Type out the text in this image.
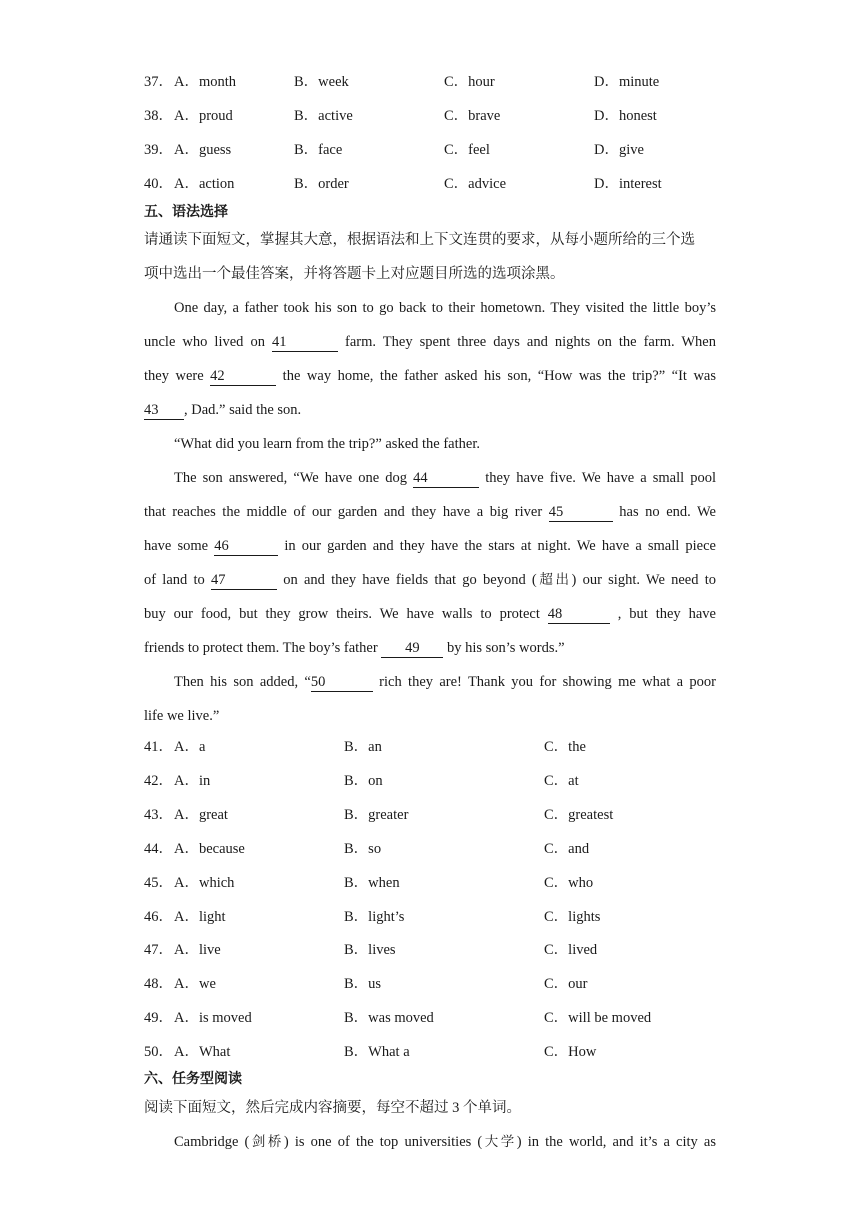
37． A．month	B．week	C．hour	D．minute
38． A．proud	B．active	C．brave	D．honest
39． A．guess	B．face	C．feel	D．give
40． A．action	B．order	C．advice	D．interest
五、语法选择
请通读下面短文，掌握其大意，根据语法和上下文连贯的要求，从每小题所给的三个选
项中选出一个最佳答案，并将答题卡上对应题目所选的选项涂黑。
One day, a father took his son to go back to their hometown. They visited the little boy’s
uncle who lived on 41	farm. They spent three days and nights on the farm. When
they were 42	the way home, the father asked his son, “How was the trip?” “It was
43 , Dad.” said the son.
“What did you learn from the trip?” asked the father.
The son answered, “We have one dog 44	they have five. We have a small pool
that reaches the middle of our garden and they have a big river 45	has no end. We
have some 46	in our garden and they have the stars at night. We have a small piece
of land to 47	on and they have fields that go beyond (超出) our sight. We need to
buy our food, but they grow theirs. We have walls to protect 48	, but they have
friends to protect them. The boy’s father 49 by his son’s words.”
Then his son added, “50	rich they are! Thank you for showing me what a poor
life we live.”
41． A．a	B．an	C．the
42． A．in	B．on	C．at
43． A．great	B．greater	C．greatest
44． A．because	B．so	C．and
45． A．which	B．when	C．who
46． A．light	B．light’s	C．lights
47． A．live	B．lives	C．lived
48． A．we	B．us	C．our
49． A．is moved	B．was moved	C．will be moved
50． A．What	B．What a	C．How
六、任务型阅读
阅读下面短文，然后完成内容摘要，每空不超过 3 个单词。
Cambridge (剑桥) is one of the top universities (大学) in the world, and it’s a city as
